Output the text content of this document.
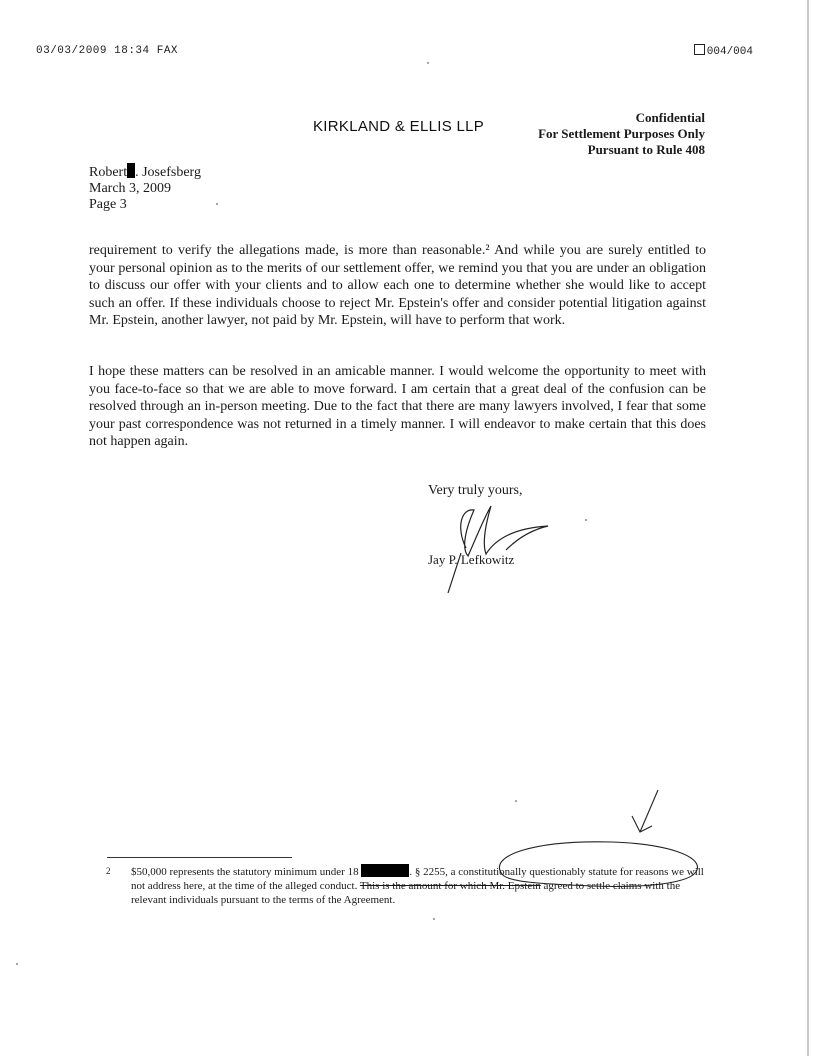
03/03/2009 18:34 FAX	004/004
KIRKLAND & ELLIS LLP
Confidential
For Settlement Purposes Only
Pursuant to Rule 408
Robert . Josefsberg
March 3, 2009
Page 3

requirement to verify the allegations made, is more than reasonable.² And while you are surely entitled to your personal opinion as to the merits of our settlement offer, we remind you that you are under an obligation to discuss our offer with your clients and to allow each one to determine whether she would like to accept such an offer. If these individuals choose to reject Mr. Epstein's offer and consider potential litigation against Mr. Epstein, another lawyer, not paid by Mr. Epstein, will have to perform that work.

I hope these matters can be resolved in an amicable manner. I would welcome the opportunity to meet with you face-to-face so that we are able to move forward. I am certain that a great deal of the confusion can be resolved through an in-person meeting. Due to the fact that there are many lawyers involved, I fear that some your past correspondence was not returned in a timely manner. I will endeavor to make certain that this does not happen again.

Very truly yours,
Jay P. Lefkowitz
2 $50,000 represents the statutory minimum under 18	. § 2255, a constitutionally questionably statute for reasons we will not address here, at the time of the alleged conduct. This is the amount for which Mr. Epstein agreed to settle claims with the relevant individuals pursuant to the terms of the Agreement.
